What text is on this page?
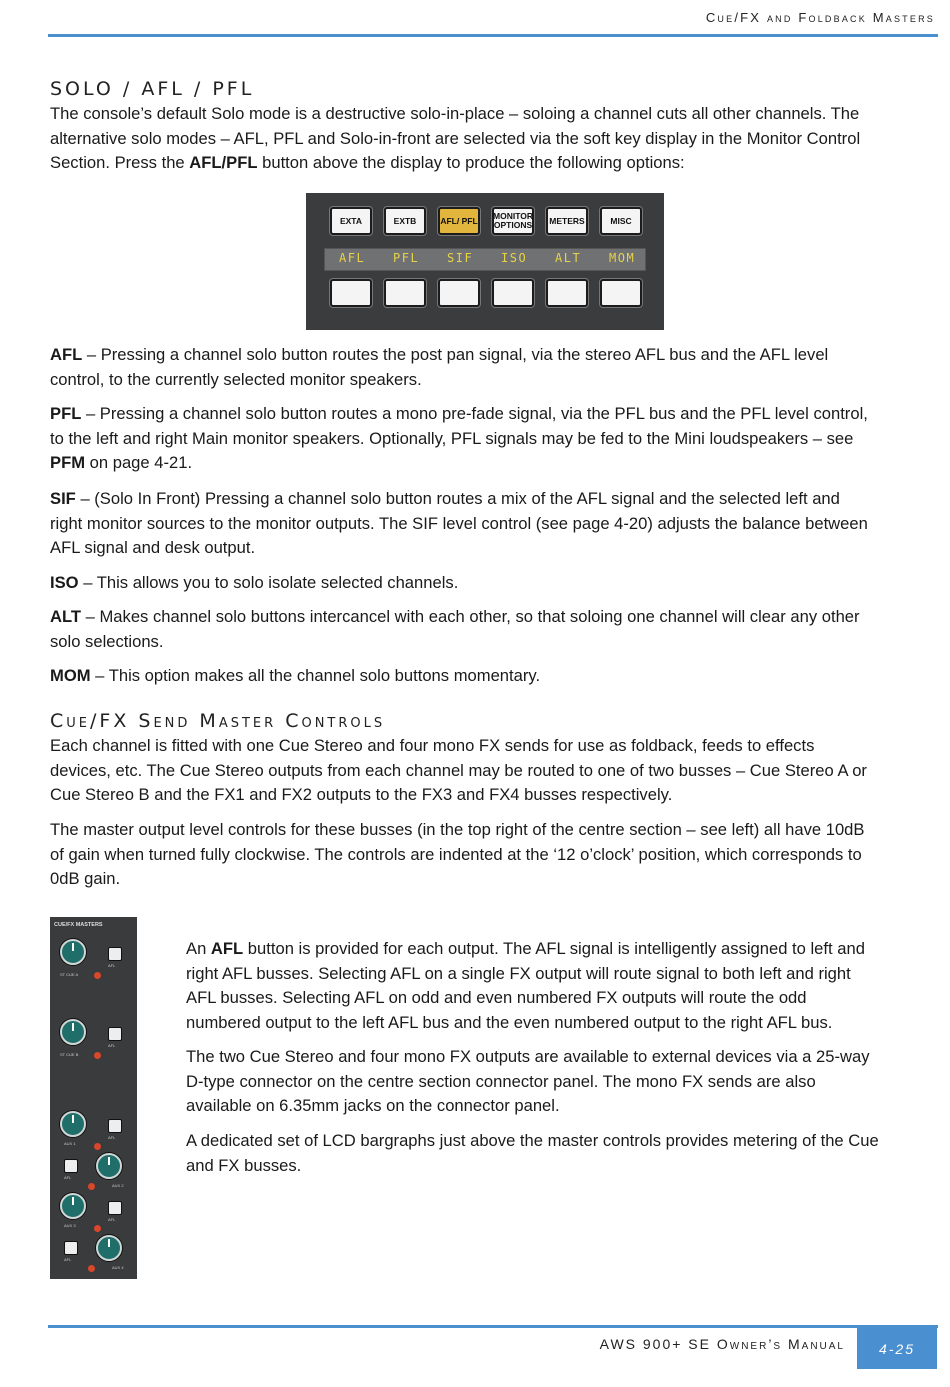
Cue/FX and Foldback Masters
SOLO / AFL / PFL

The console’s default Solo mode is a destructive solo-in-place – soloing a channel cuts all other channels. The
alternative solo modes – AFL, PFL and Solo-in-front are selected via the soft key display in the Monitor Control
Section. Press the AFL/PFL button above the display to produce the following options:

EXTA	EXTB	AFL/ PFL MONITOR OPTIONS	METERS	MISC
AFL PFL SIF ISO ALT MOM

AFL – Pressing a channel solo button routes the post pan signal, via the stereo AFL bus and the AFL level
control, to the currently selected monitor speakers.

PFL – Pressing a channel solo button routes a mono pre-fade signal, via the PFL bus and the PFL level control,
to the left and right Main monitor speakers. Optionally, PFL signals may be fed to the Mini loudspeakers – see
PFM on page 4-21.

SIF – (Solo In Front) Pressing a channel solo button routes a mix of the AFL signal and the selected left and
right monitor sources to the monitor outputs. The SIF level control (see page 4-20) adjusts the balance between
AFL signal and desk output.

ISO – This allows you to solo isolate selected channels.

ALT – Makes channel solo buttons intercancel with each other, so that soloing one channel will clear any other
solo selections.

MOM – This option makes all the channel solo buttons momentary.

Cue/FX Send Master Controls

Each channel is fitted with one Cue Stereo and four mono FX sends for use as foldback, feeds to effects
devices, etc. The Cue Stereo outputs from each channel may be routed to one of two busses – Cue Stereo A or
Cue Stereo B and the FX1 and FX2 outputs to the FX3 and FX4 busses respectively.

The master output level controls for these busses (in the top right of the centre section – see left) all have 10dB
of gain when turned fully clockwise. The controls are indented at the ‘12 o’clock’ position, which corresponds to
0dB gain.

CUE/FX MASTERS
ST CUE A
AFL
ST CUE B
AFL
AUX 1
AFL
AUX 2
AFL
AUX 3
AFL
AUX 4
AFL

An AFL button is provided for each output. The AFL signal is intelligently assigned to left and
right AFL busses. Selecting AFL on a single FX output will route signal to both left and right
AFL busses. Selecting AFL on odd and even numbered FX outputs will route the odd
numbered output to the left AFL bus and the even numbered output to the right AFL bus.

The two Cue Stereo and four mono FX outputs are available to external devices via a 25-way
D-type connector on the centre section connector panel. The mono FX sends are also
available on 6.35mm jacks on the connector panel.

A dedicated set of LCD bargraphs just above the master controls provides metering of the Cue
and FX busses.

AWS 900+ SE Owner’s Manual	4-25
